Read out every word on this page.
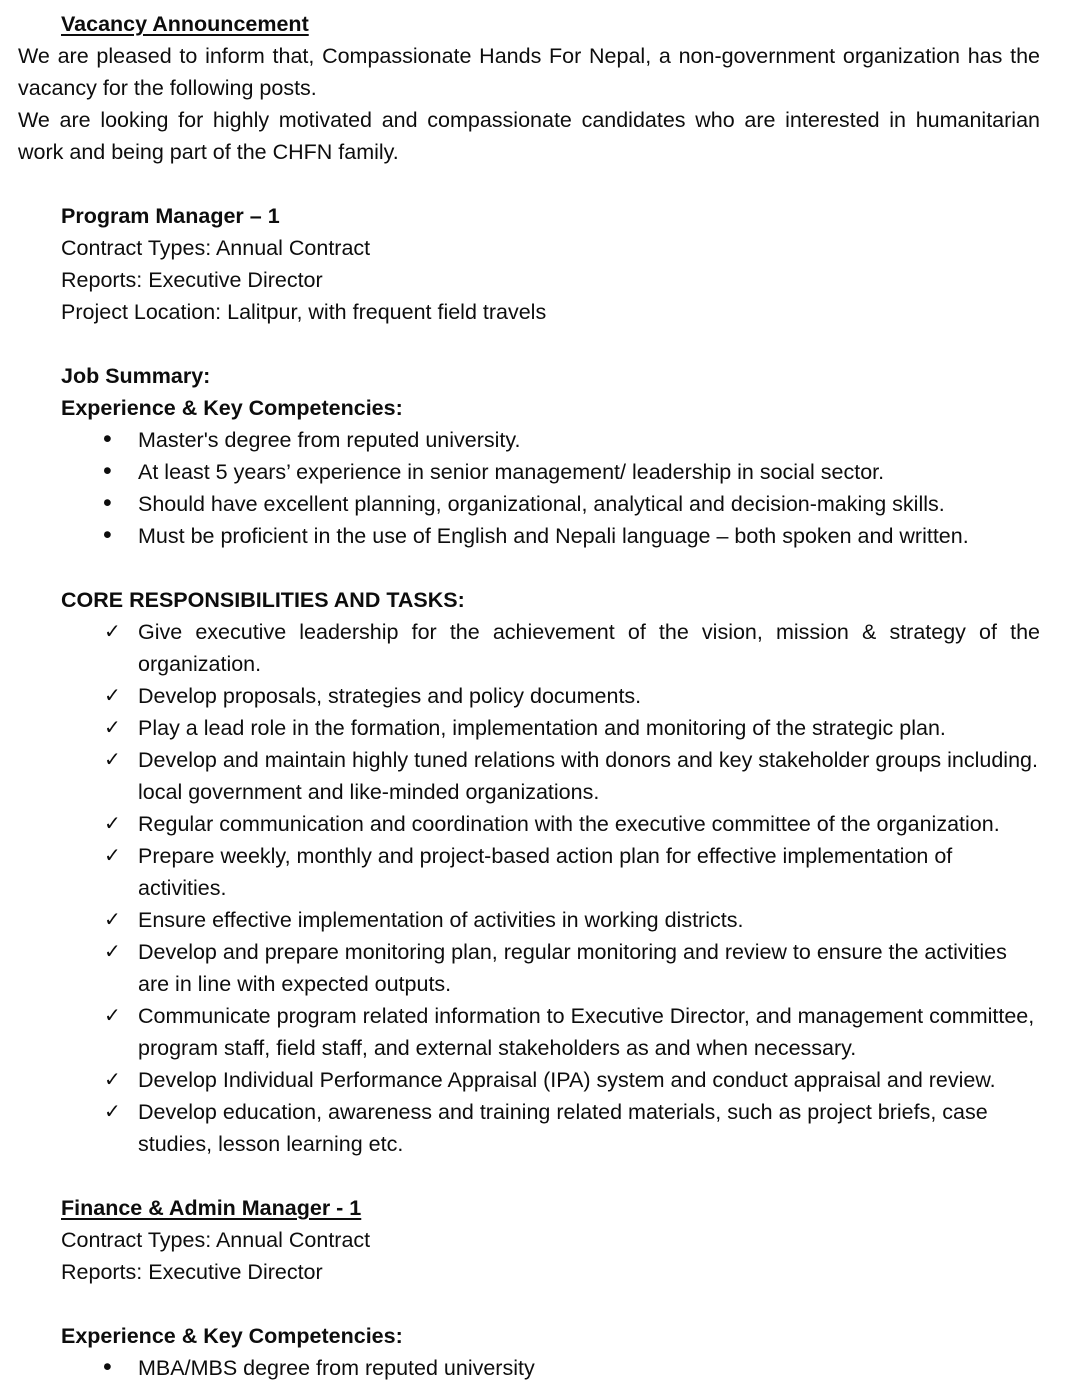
Vacancy Announcement

We are pleased to inform that, Compassionate Hands For Nepal, a non-government organization has the vacancy for the following posts.

We are looking for highly motivated and compassionate candidates who are interested in humanitarian work and being part of the CHFN family.

Program Manager – 1
Contract Types: Annual Contract
Reports: Executive Director
Project Location: Lalitpur, with frequent field travels
Job Summary:
Experience & Key Competencies:
•	Master's degree from reputed university.
•	At least 5 years’ experience in senior management/ leadership in social sector.
•	Should have excellent planning, organizational, analytical and decision-making skills.
•	Must be proficient in the use of English and Nepali language – both spoken and written.
CORE RESPONSIBILITIES AND TASKS:
✓ Give executive leadership for the achievement of the vision, mission & strategy of the organization.
✓ Develop proposals, strategies and policy documents.
✓ Play a lead role in the formation, implementation and monitoring of the strategic plan.
✓ Develop and maintain highly tuned relations with donors and key stakeholder groups including. local government and like-minded organizations.
✓ Regular communication and coordination with the executive committee of the organization.
✓ Prepare weekly, monthly and project-based action plan for effective implementation of activities.
✓ Ensure effective implementation of activities in working districts.
✓ Develop and prepare monitoring plan, regular monitoring and review to ensure the activities are in line with expected outputs.
✓ Communicate program related information to Executive Director, and management committee, program staff, field staff, and external stakeholders as and when necessary.
✓ Develop Individual Performance Appraisal (IPA) system and conduct appraisal and review.
✓ Develop education, awareness and training related materials, such as project briefs, case studies, lesson learning etc.
Finance & Admin Manager - 1
Contract Types: Annual Contract
Reports: Executive Director
Experience & Key Competencies:
•	MBA/MBS degree from reputed university
